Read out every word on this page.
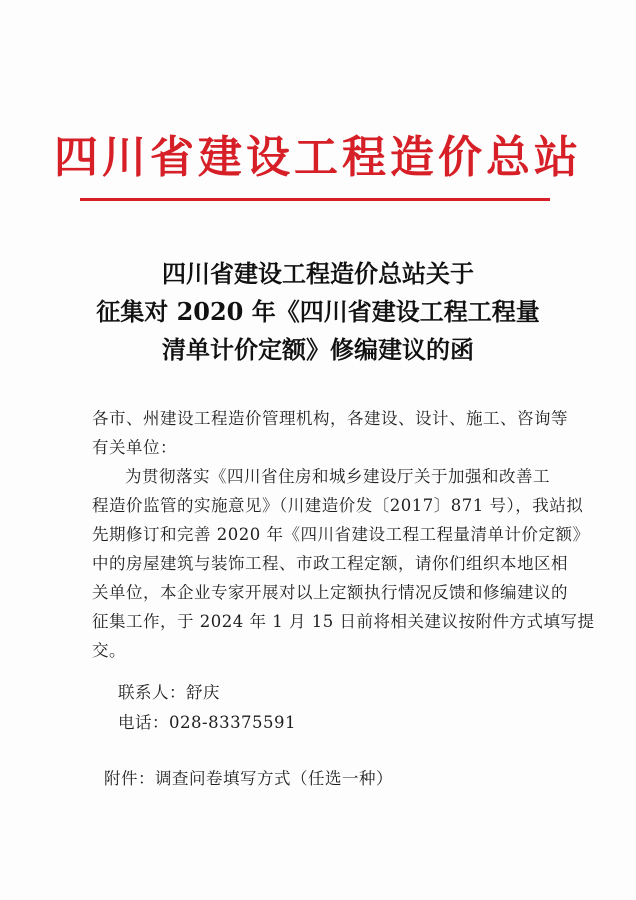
四川省建设工程造价总站
四川省建设工程造价总站关于
征集对 2020 年《四川省建设工程工程量
清单计价定额》修编建议的函
各市、州建设工程造价管理机构，各建设、设计、施工、咨询等
有关单位：
为贯彻落实《四川省住房和城乡建设厅关于加强和改善工
程造价监管的实施意见》（川建造价发〔2017〕871 号），我站拟
先期修订和完善 2020 年《四川省建设工程工程量清单计价定额》
中的房屋建筑与装饰工程、市政工程定额，请你们组织本地区相
关单位，本企业专家开展对以上定额执行情况反馈和修编建议的
征集工作，于 2024 年 1 月 15 日前将相关建议按附件方式填写提
交。
联系人：舒庆
电话：028-83375591
附件：调查问卷填写方式（任选一种）
